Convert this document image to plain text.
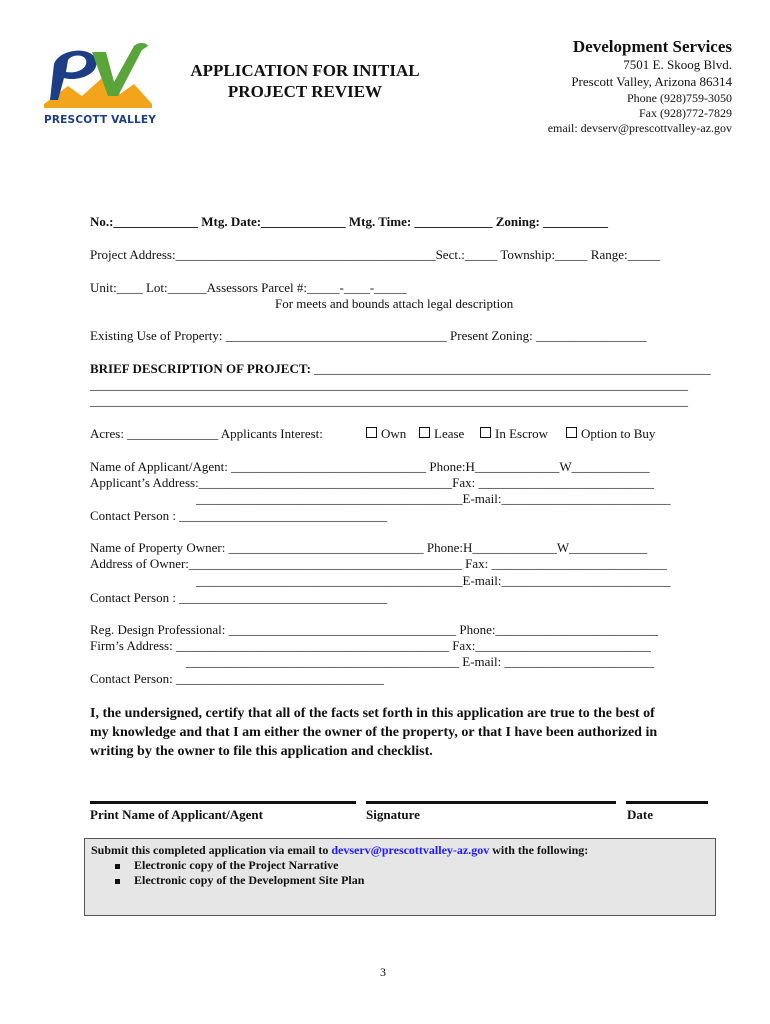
PRESCOTT VALLEY
APPLICATION FOR INITIAL
PROJECT REVIEW
Development Services
7501 E. Skoog Blvd.
Prescott Valley, Arizona 86314
Phone (928)759-3050
Fax (928)772-7829
email: devserv@prescottvalley-az.gov
No.:_____________ Mtg. Date:_____________ Mtg. Time: ____________ Zoning: __________
Project Address:________________________________________Sect.:_____ Township:_____ Range:_____
Unit:____ Lot:______Assessors Parcel #:_____-____-_____
For meets and bounds attach legal description
Existing Use of Property: __________________________________ Present Zoning: _________________
BRIEF DESCRIPTION OF PROJECT: _____________________________________________________________
____________________________________________________________________________________________
____________________________________________________________________________________________
Acres: ______________ Applicants Interest:	Own	Lease	In Escrow	Option to Buy
Name of Applicant/Agent: ______________________________ Phone:H_____________W____________
Applicant’s Address:_______________________________________Fax: ___________________________
_________________________________________E-mail:__________________________
Contact Person : ________________________________
Name of Property Owner: ______________________________ Phone:H_____________W____________
Address of Owner:__________________________________________ Fax: ___________________________
_________________________________________E-mail:__________________________
Contact Person : ________________________________
Reg. Design Professional: ___________________________________ Phone:_________________________
Firm’s Address: __________________________________________ Fax:___________________________
__________________________________________ E-mail: _______________________
Contact Person: ________________________________
I, the undersigned, certify that all of the facts set forth in this application are true to the best of
my knowledge and that I am either the owner of the property, or that I have been authorized in
writing by the owner to file this application and checklist.
Print Name of Applicant/Agent	Signature	Date
Submit this completed application via email to devserv@prescottvalley-az.gov with the following:
Electronic copy of the Project Narrative
Electronic copy of the Development Site Plan
3
